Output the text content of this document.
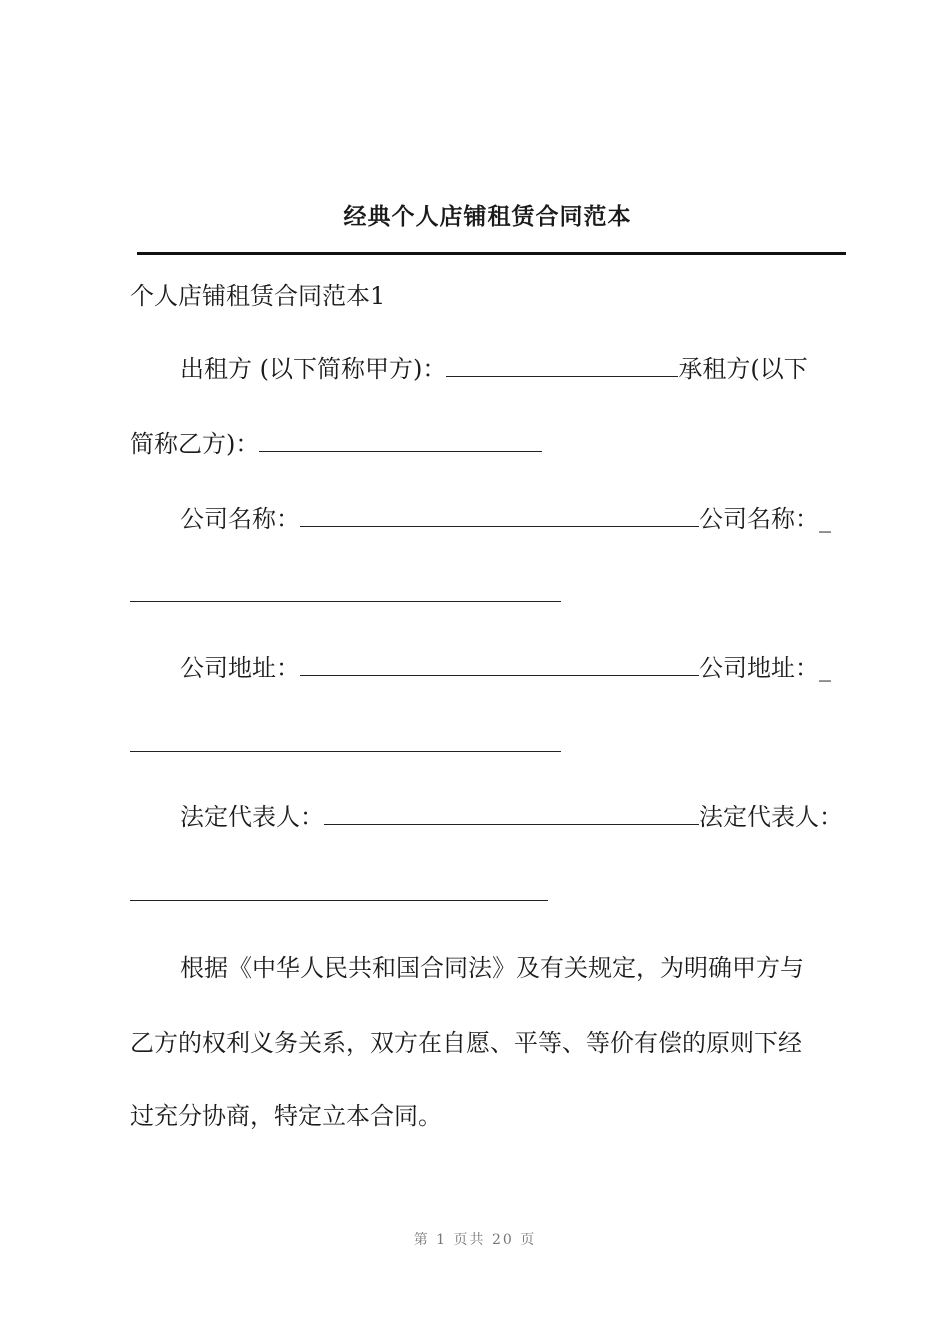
经典个人店铺租赁合同范本
个人店铺租赁合同范本1
出租方 (以下简称甲方)：	承租方(以下
简称乙方)：
公司名称：	公司名称：_
公司地址：	公司地址：_
法定代表人：	法定代表人：
根据《中华人民共和国合同法》及有关规定，为明确甲方与
乙方的权利义务关系，双方在自愿、平等、等价有偿的原则下经
过充分协商，特定立本合同。
第 1 页共 20 页
